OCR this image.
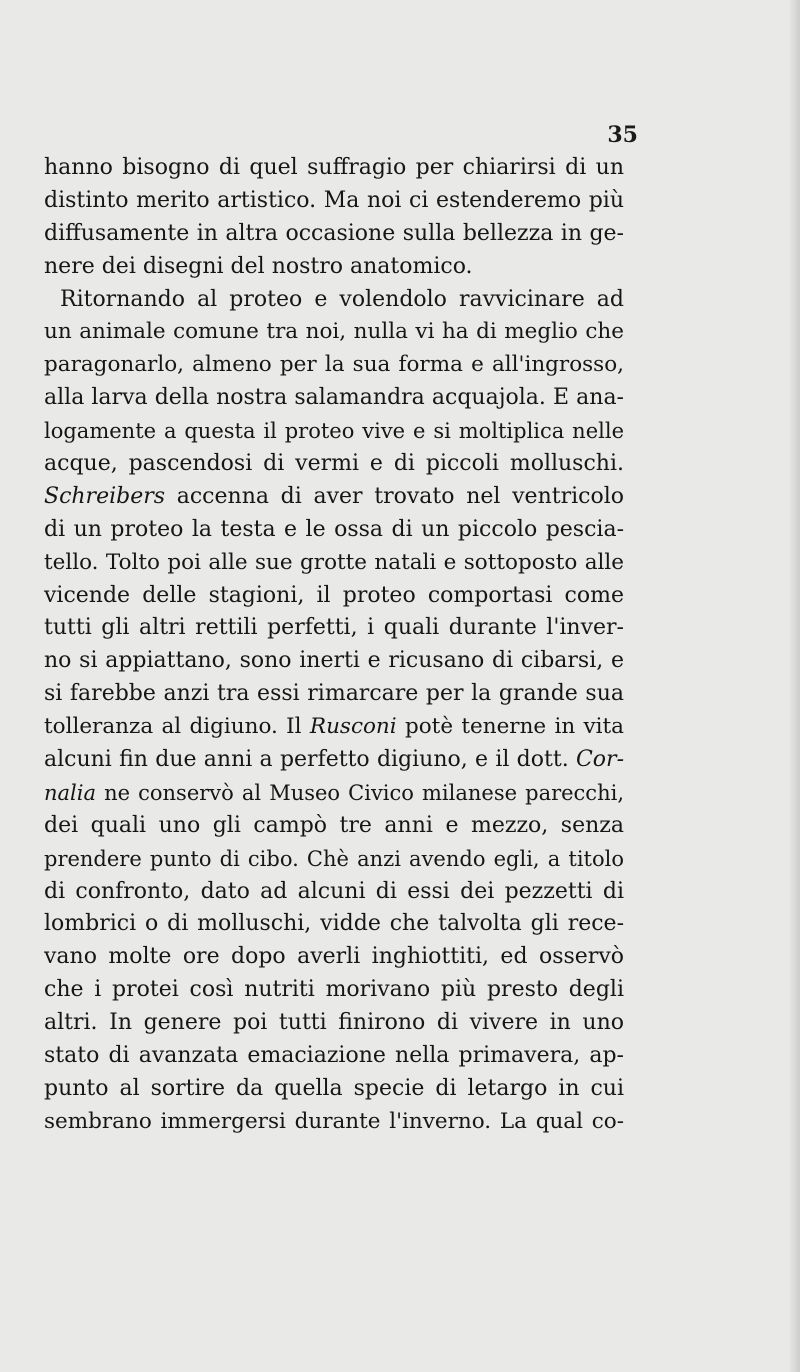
35
hanno bisogno di quel suffragio per chiarirsi di un
distinto merito artistico. Ma noi ci estenderemo più
diffusamente in altra occasione sulla bellezza in ge-
nere dei disegni del nostro anatomico.
Ritornando al proteo e volendolo ravvicinare ad
un animale comune tra noi, nulla vi ha di meglio che
paragonarlo, almeno per la sua forma e all'ingrosso,
alla larva della nostra salamandra acquajola. E ana-
logamente a questa il proteo vive e si moltiplica nelle
acque, pascendosi di vermi e di piccoli molluschi.
Schreibers accenna di aver trovato nel ventricolo
di un proteo la testa e le ossa di un piccolo pescia-
tello. Tolto poi alle sue grotte natali e sottoposto alle
vicende delle stagioni, il proteo comportasi come
tutti gli altri rettili perfetti, i quali durante l'inver-
no si appiattano, sono inerti e ricusano di cibarsi, e
si farebbe anzi tra essi rimarcare per la grande sua
tolleranza al digiuno. Il Rusconi potè tenerne in vita
alcuni fin due anni a perfetto digiuno, e il dott. Cor-
nalia ne conservò al Museo Civico milanese parecchi,
dei quali uno gli campò tre anni e mezzo, senza
prendere punto di cibo. Chè anzi avendo egli, a titolo
di confronto, dato ad alcuni di essi dei pezzetti di
lombrici o di molluschi, vidde che talvolta gli rece-
vano molte ore dopo averli inghiottiti, ed osservò
che i protei così nutriti morivano più presto degli
altri. In genere poi tutti finirono di vivere in uno
stato di avanzata emaciazione nella primavera, ap-
punto al sortire da quella specie di letargo in cui
sembrano immergersi durante l'inverno. La qual co-
